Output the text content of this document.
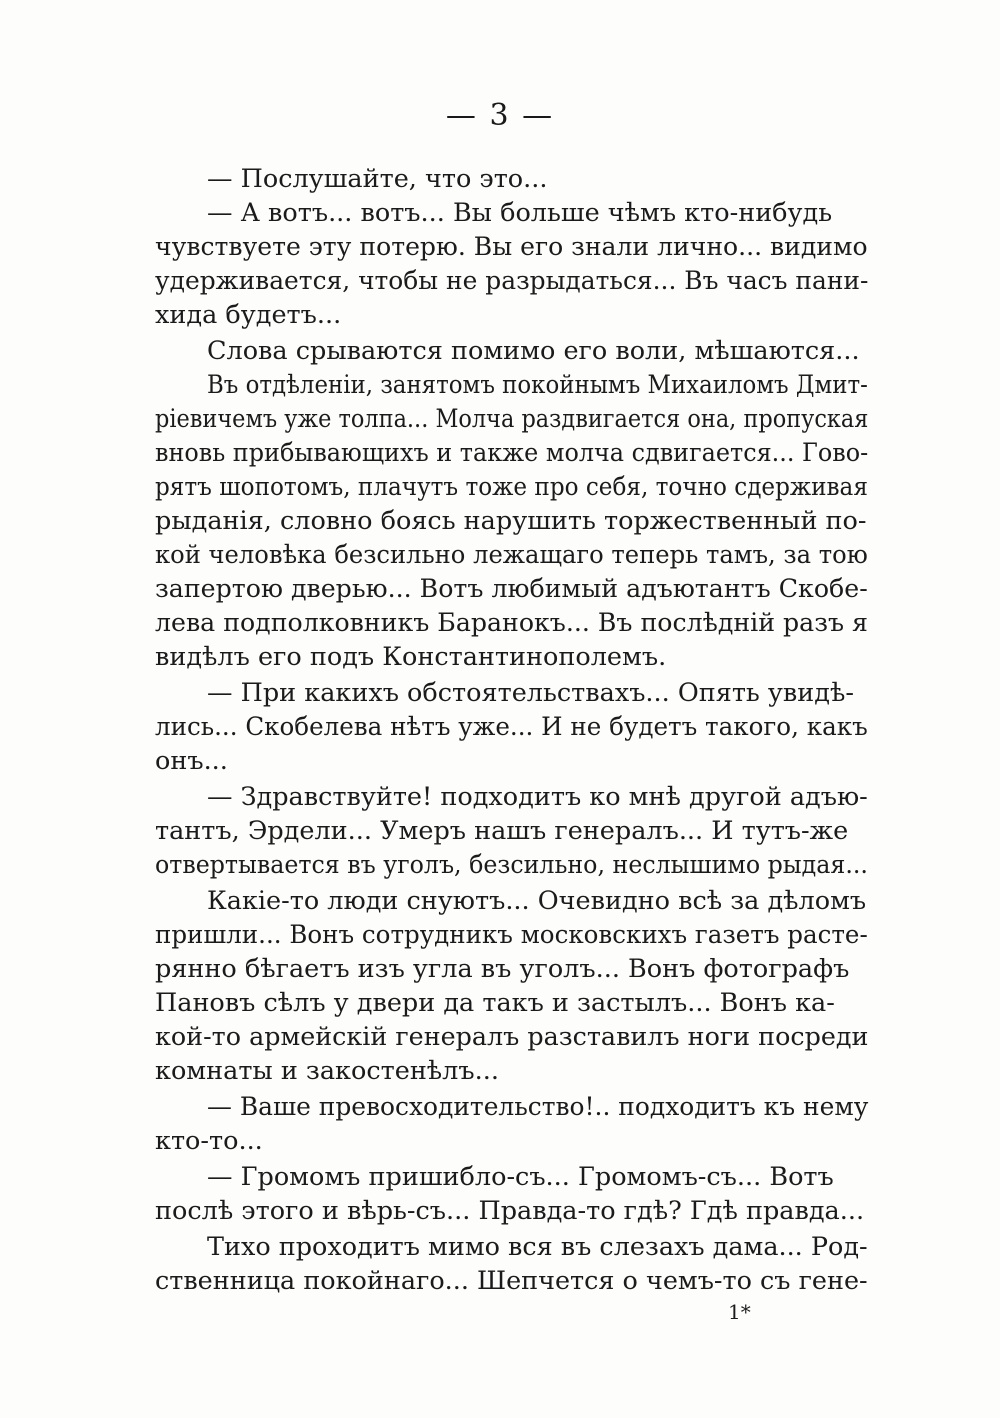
— 3 —
— Послушайте, что это...
— А вотъ... вотъ... Вы больше чѣмъ кто-нибудь
чувствуете эту потерю. Вы его знали лично... видимо
удерживается, чтобы не разрыдаться... Въ часъ пани-
хида будетъ...
Слова срываются помимо его воли, мѣшаются...
Въ отдѣленіи, занятомъ покойнымъ Михаиломъ Дмит-
ріевичемъ уже толпа... Молча раздвигается она, пропуская
вновь прибывающихъ и также молча сдвигается... Гово-
рятъ шопотомъ, плачутъ тоже про себя, точно сдерживая
рыданія, словно боясь нарушить торжественный по-
кой человѣка безсильно лежащаго теперь тамъ, за тою
запертою дверью... Вотъ любимый адъютантъ Скобе-
лева подполковникъ Баранокъ... Въ послѣдній разъ я
видѣлъ его подъ Константинополемъ.
— При какихъ обстоятельствахъ... Опять увидѣ-
лись... Скобелева нѣтъ уже... И не будетъ такого, какъ
онъ...
— Здравствуйте! подходитъ ко мнѣ другой адъю-
тантъ, Эрдели... Умеръ нашъ генералъ... И тутъ-же
отвертывается въ уголъ, безсильно, неслышимо рыдая...
Какіе-то люди снуютъ... Очевидно всѣ за дѣломъ
пришли... Вонъ сотрудникъ московскихъ газетъ расте-
рянно бѣгаетъ изъ угла въ уголъ... Вонъ фотографъ
Пановъ сѣлъ у двери да такъ и застылъ... Вонъ ка-
кой-то армейскій генералъ разставилъ ноги посреди
комнаты и закостенѣлъ...
— Ваше превосходительство!.. подходитъ къ нему
кто-то...
— Громомъ пришибло-съ... Громомъ-съ... Вотъ
послѣ этого и вѣрь-съ... Правда-то гдѣ? Гдѣ правда...
Тихо проходитъ мимо вся въ слезахъ дама... Род-
ственница покойнаго... Шепчется о чемъ-то съ гене-
1*
